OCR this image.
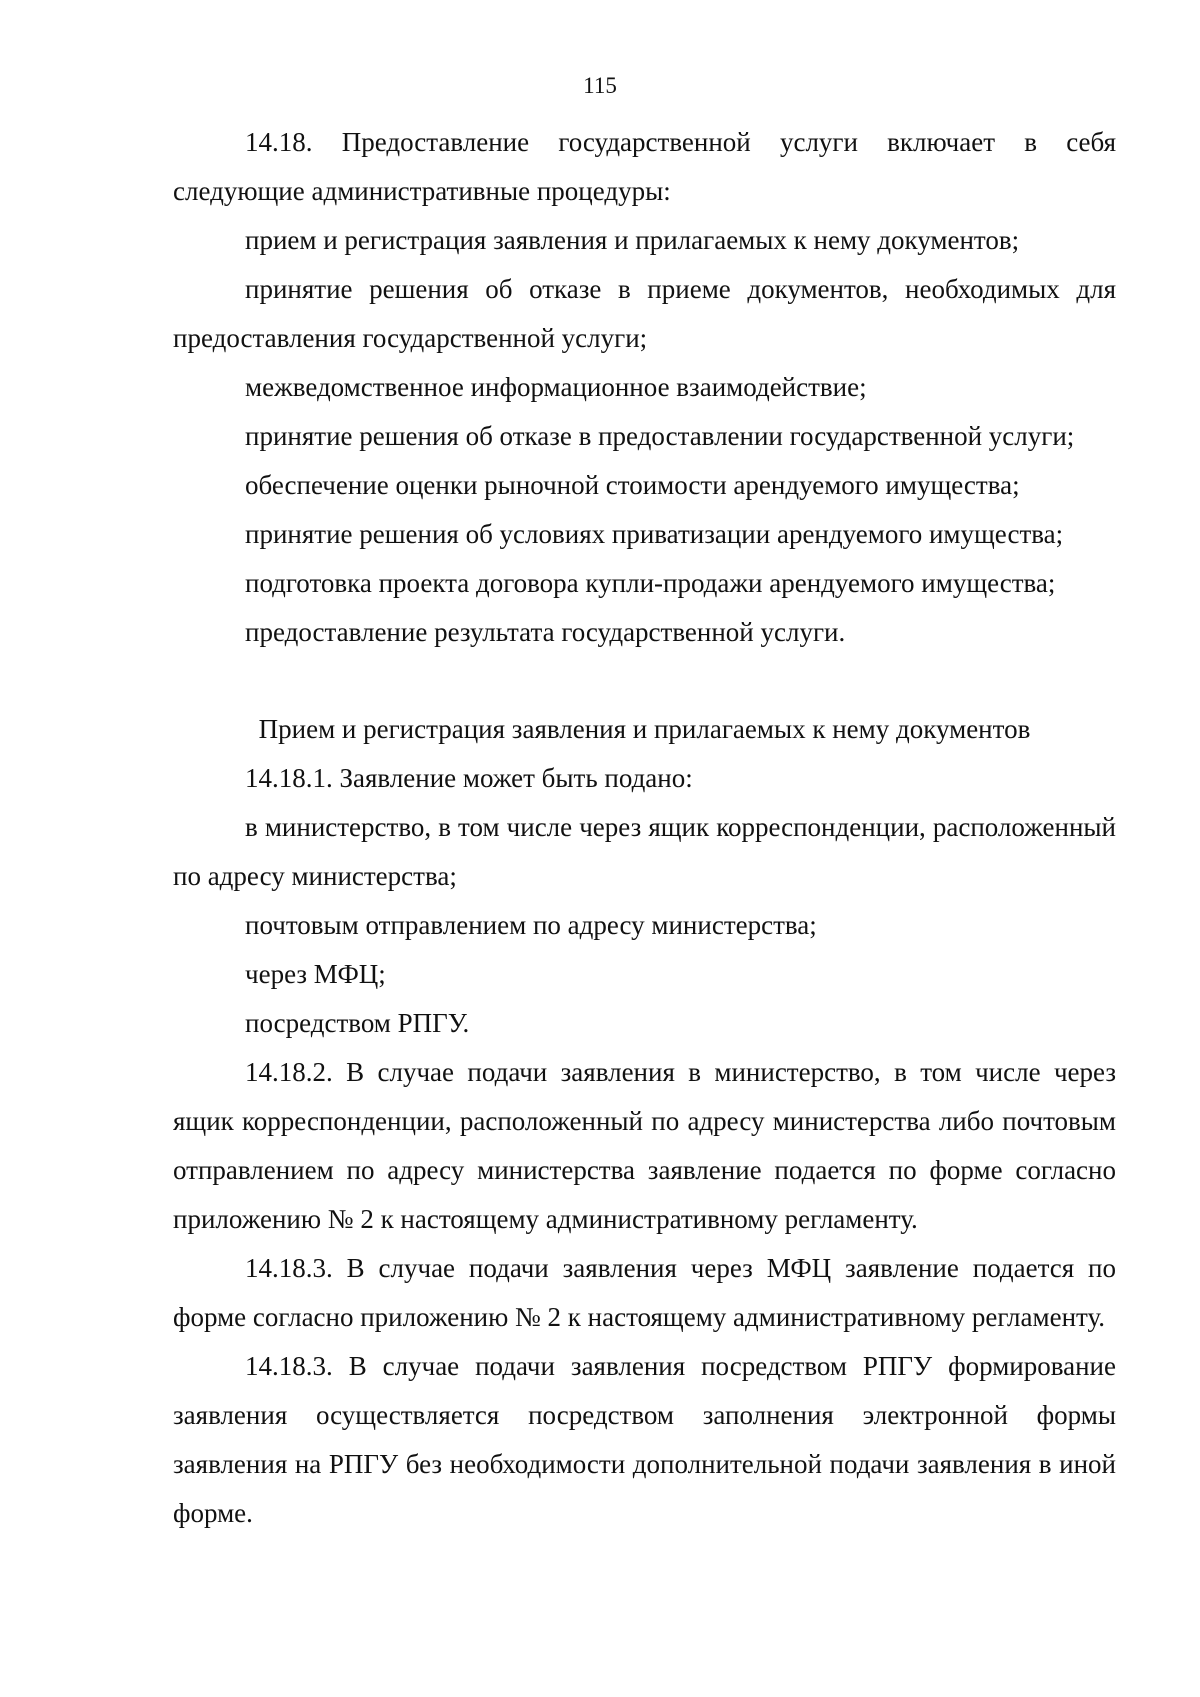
115

14.18. Предоставление государственной услуги включает в себя следующие административные процедуры:

прием и регистрация заявления и прилагаемых к нему документов;

принятие решения об отказе в приеме документов, необходимых для предоставления государственной услуги;

межведомственное информационное взаимодействие;

принятие решения об отказе в предоставлении государственной услуги;

обеспечение оценки рыночной стоимости арендуемого имущества;

принятие решения об условиях приватизации арендуемого имущества;

подготовка проекта договора купли-продажи арендуемого имущества;

предоставление результата государственной услуги.

Прием и регистрация заявления и прилагаемых к нему документов

14.18.1. Заявление может быть подано:

в министерство, в том числе через ящик корреспонденции, расположенный по адресу министерства;

почтовым отправлением по адресу министерства;

через МФЦ;

посредством РПГУ.

14.18.2. В случае подачи заявления в министерство, в том числе через ящик корреспонденции, расположенный по адресу министерства либо почтовым отправлением по адресу министерства заявление подается по форме согласно приложению № 2 к настоящему административному регламенту.

14.18.3. В случае подачи заявления через МФЦ заявление подается по форме согласно приложению № 2 к настоящему административному регламенту.

14.18.3. В случае подачи заявления посредством РПГУ формирование заявления осуществляется посредством заполнения электронной формы заявления на РПГУ без необходимости дополнительной подачи заявления в иной форме.
